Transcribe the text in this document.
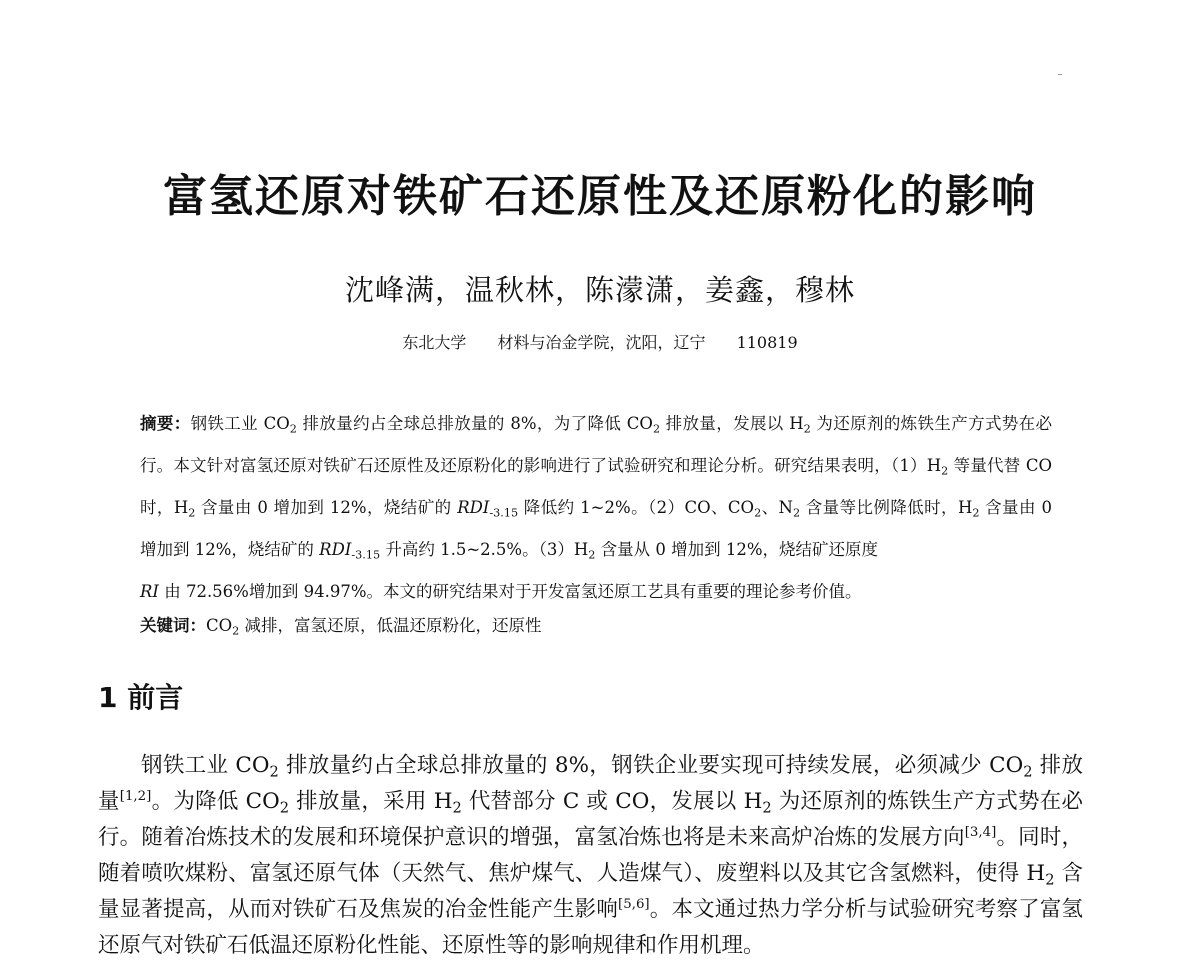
富氢还原对铁矿石还原性及还原粉化的影响
沈峰满，温秋林，陈濛潇，姜鑫，穆林
东北大学 材料与冶金学院，沈阳，辽宁 110819
摘要：钢铁工业 $CO_2$ 排放量约占全球总排放量的 8%，为了降低 $CO_2$ 排放量，发展以 $H_2$ 为还原剂的炼铁生产方式势在必行。本文针对富氢还原对铁矿石还原性及还原粉化的影响进行了试验研究和理论分析。研究结果表明，$(1)H_2$ 等量代替 CO 时，$H_2$ 含量由 0 增加到 12%，烧结矿的 $RDI_{-3.15}$ 降低约 1~2%。（2）CO、$CO_2$、$N_2$ 含量等比例降低时，$H_2$ 含量由 0 增加到 12%，烧结矿的 $RDI_{-3.15}$ 升高约 1.5~2.5%。$(3)H_2$ 含量从 0 增加到 12%，烧结矿还原度
RI 由 72.56%增加到 94.97%。本文的研究结果对于开发富氢还原工艺具有重要的理论参考价值。
关键词：$CO_2$ 减排，富氢还原，低温还原粉化，还原性
1 前言
钢铁工业 $CO_2$ 排放量约占全球总排放量的 8%，钢铁企业要实现可持续发展，必须减少 $CO_2$ 排放量[1,2]。为降低 $CO_2$ 排放量，采用 $H_2$ 代替部分 C 或 CO，发展以 $H_2$ 为还原剂的炼铁生产方式势在必行。随着冶炼技术的发展和环境保护意识的增强，富氢冶炼也将是未来高炉冶炼的发展方向[3,4]。同时，随着喷吹煤粉、富氢还原气体（天然气、焦炉煤气、人造煤气）、废塑料以及其它含氢燃料，使得 $H_2$ 含量显著提高，从而对铁矿石及焦炭的冶金性能产生影响[5,6]。本文通过热力学分析与试验研究考察了富氢还原气对铁矿石低温还原粉化性能、还原性等的影响规律和作用机理。
